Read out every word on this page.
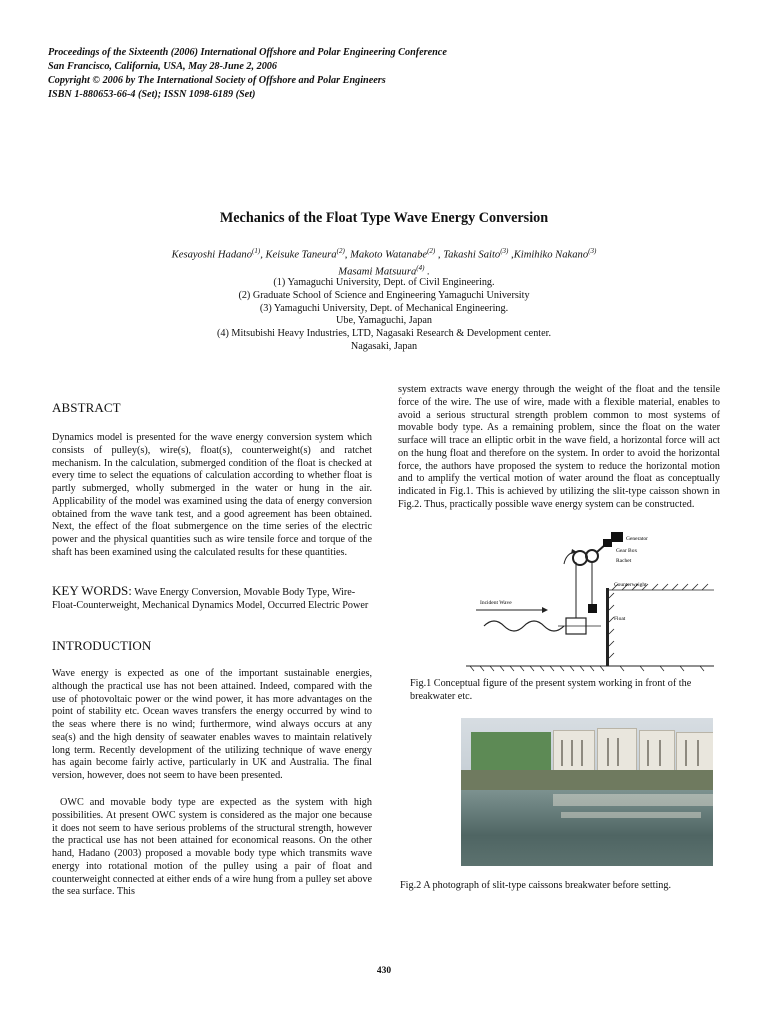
Proceedings of the Sixteenth (2006) International Offshore and Polar Engineering Conference
San Francisco, California, USA, May 28-June 2, 2006
Copyright © 2006 by The International Society of Offshore and Polar Engineers
ISBN 1-880653-66-4 (Set); ISSN 1098-6189 (Set)
Mechanics of the Float Type Wave Energy Conversion
Kesayoshi Hadano$^{(1)}$, Keisuke Taneura$^{(2)}$, Makoto Watanabe$^{(2)}$ , Takashi Saito$^{(3)}$ ,Kimihiko Nakano$^{(3)}$
Masami Matsuura$^{(4)}$ .
(1) Yamaguchi University, Dept. of Civil Engineering.
(2) Graduate School of Science and Engineering Yamaguchi University
(3) Yamaguchi University, Dept. of Mechanical Engineering.
Ube, Yamaguchi, Japan
(4) Mitsubishi Heavy Industries, LTD, Nagasaki Research & Development center.
Nagasaki, Japan
ABSTRACT
Dynamics model is presented for the wave energy conversion system which consists of pulley(s), wire(s), float(s), counterweight(s) and ratchet mechanism. In the calculation, submerged condition of the float is checked at every time to select the equations of calculation according to whether float is partly submerged, wholly submerged in the water or hung in the air. Applicability of the model was examined using the data of energy conversion obtained from the wave tank test, and a good agreement has been obtained. Next, the effect of the float submergence on the time series of the electric power and the physical quantities such as wire tensile force and torque of the shaft has been examined using the calculated results for these quantities.
KEY WORDS: Wave Energy Conversion, Movable Body Type, Wire-Float-Counterweight, Mechanical Dynamics Model, Occurred Electric Power
INTRODUCTION
Wave energy is expected as one of the important sustainable energies, although the practical use has not been attained. Indeed, compared with the use of photovoltaic power or the wind power, it has more advantages on the point of stability etc. Ocean waves transfers the energy occurred by wind to the seas where there is no wind; furthermore, wind always occurs at any sea(s) and the high density of seawater enables waves to maintain relatively long term. Recently development of the utilizing technique of wave energy has again become fairly active, particularly in UK and Australia. The final version, however, does not seem to have been presented.
OWC and movable body type are expected as the system with high possibilities. At present OWC system is considered as the major one because it does not seem to have serious problems of the structural strength, however the practical use has not been attained for economical reasons. On the other hand, Hadano (2003) proposed a movable body type which transmits wave energy into rotational motion of the pulley using a pair of float and counterweight connected at either ends of a wire hung from a pulley set above the sea surface. This
system extracts wave energy through the weight of the float and the tensile force of the wire. The use of wire, made with a flexible material, enables to avoid a serious structural strength problem common to most systems of movable body type. As a remaining problem, since the float on the water surface will trace an elliptic orbit in the wave field, a horizontal force will act on the hung float and therefore on the system. In order to avoid the horizontal force, the authors have proposed the system to reduce the horizontal motion and to amplify the vertical motion of water around the float as conceptually indicated in Fig.1. This is achieved by utilizing the slit-type caisson shown in Fig.2. Thus, practically possible wave energy system can be constructed.
Generator
Gear Box
Rachet
Counterweight
Incident Wave
Float
Fig.1 Conceptual figure of the present system working in front of the breakwater etc.
Fig.2 A photograph of slit-type caissons breakwater before setting.
430
